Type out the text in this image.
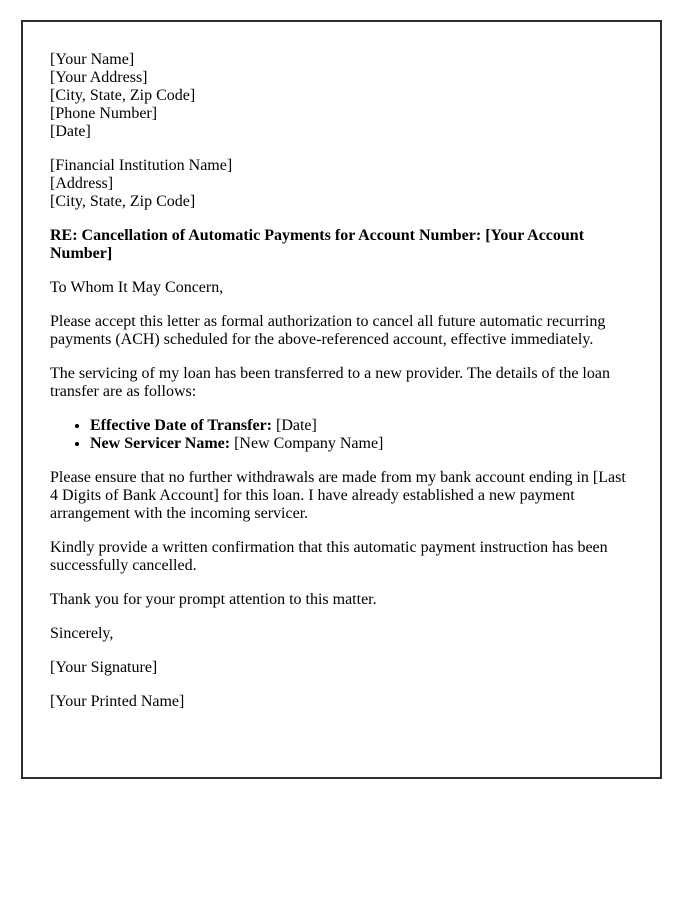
[Your Name]
[Your Address]
[City, State, Zip Code]
[Phone Number]
[Date]

[Financial Institution Name]
[Address]
[City, State, Zip Code]

RE: Cancellation of Automatic Payments for Account Number: [Your Account Number]

To Whom It May Concern,

Please accept this letter as formal authorization to cancel all future automatic recurring payments (ACH) scheduled for the above-referenced account, effective immediately.

The servicing of my loan has been transferred to a new provider. The details of the loan transfer are as follows:

• Effective Date of Transfer: [Date]
• New Servicer Name: [New Company Name]

Please ensure that no further withdrawals are made from my bank account ending in [Last 4 Digits of Bank Account] for this loan. I have already established a new payment arrangement with the incoming servicer.

Kindly provide a written confirmation that this automatic payment instruction has been successfully cancelled.

Thank you for your prompt attention to this matter.

Sincerely,

[Your Signature]

[Your Printed Name]
